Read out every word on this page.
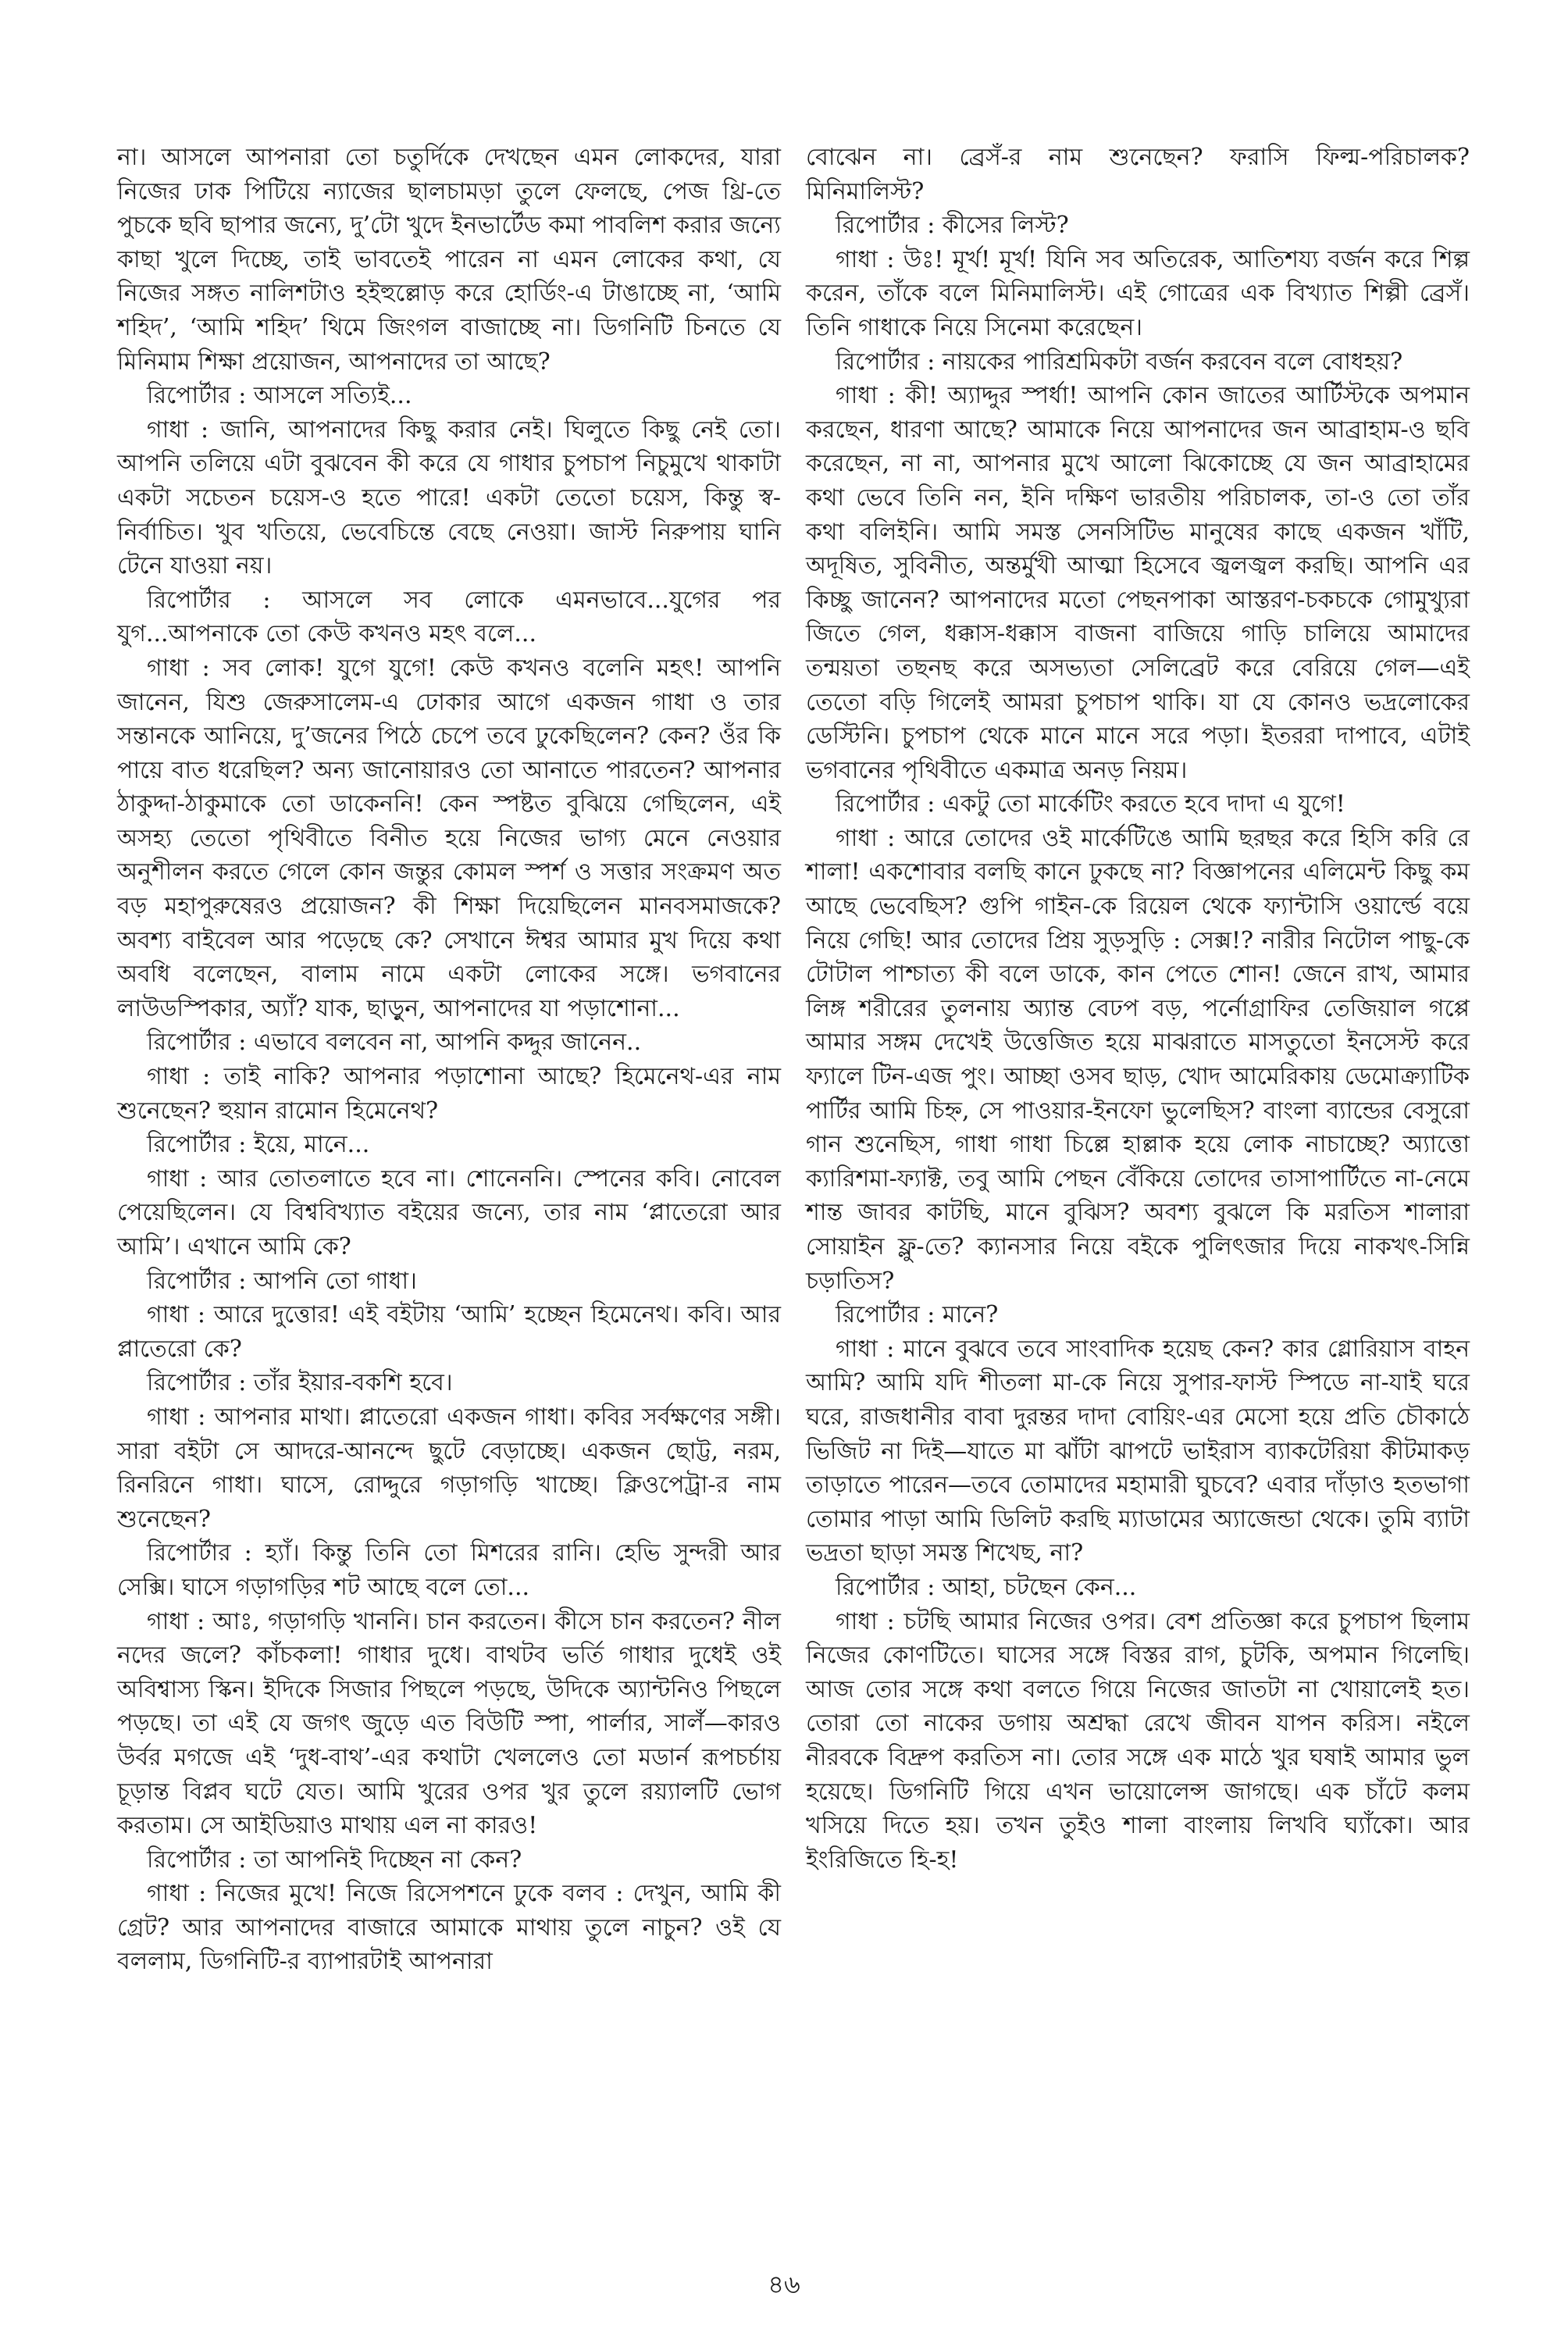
না। আসলে আপনারা তো চতুর্দিকে দেখছেন এমন লোকদের, যারা নিজের ঢাক পিটিয়ে ন্যাজের ছালচামড়া তুলে ফেলছে, পেজ থ্রি-তে পুচকে ছবি ছাপার জন্যে, দু’টো খুদে ইনভার্টেড কমা পাবলিশ করার জন্যে কাছা খুলে দিচ্ছে, তাই ভাবতেই পারেন না এমন লোকের কথা, যে নিজের সঙ্গত নালিশটাও হইহুল্লোড় করে হোর্ডিং-এ টাঙাচ্ছে না, ‘আমি শহিদ’, ‘আমি শহিদ’ থিমে জিংগল বাজাচ্ছে না। ডিগনিটি চিনতে যে মিনিমাম শিক্ষা প্রয়োজন, আপনাদের তা আছে?

রিপোর্টার : আসলে সত্যিই...

গাধা : জানি, আপনাদের কিছু করার নেই। ঘিলুতে কিছু নেই তো। আপনি তলিয়ে এটা বুঝবেন কী করে যে গাধার চুপচাপ নিচুমুখে থাকাটা একটা সচেতন চয়েস-ও হতে পারে! একটা তেতো চয়েস, কিন্তু স্ব-নির্বাচিত। খুব খতিয়ে, ভেবেচিন্তে বেছে নেওয়া। জাস্ট নিরুপায় ঘানি টেনে যাওয়া নয়।

রিপোর্টার : আসলে সব লোকে এমনভাবে...যুগের পর যুগ...আপনাকে তো কেউ কখনও মহৎ বলে...

গাধা : সব লোক! যুগে যুগে! কেউ কখনও বলেনি মহৎ! আপনি জানেন, যিশু জেরুসালেম-এ ঢোকার আগে একজন গাধা ও তার সন্তানকে আনিয়ে, দু’জনের পিঠে চেপে তবে ঢুকেছিলেন? কেন? ওঁর কি পায়ে বাত ধরেছিল? অন্য জানোয়ারও তো আনাতে পারতেন? আপনার ঠাকুদ্দা-ঠাকুমাকে তো ডাকেননি! কেন স্পষ্টত বুঝিয়ে গেছিলেন, এই অসহ্য তেতো পৃথিবীতে বিনীত হয়ে নিজের ভাগ্য মেনে নেওয়ার অনুশীলন করতে গেলে কোন জন্তুর কোমল স্পর্শ ও সত্তার সংক্রমণ অত বড় মহাপুরুষেরও প্রয়োজন? কী শিক্ষা দিয়েছিলেন মানবসমাজকে? অবশ্য বাইবেল আর পড়েছে কে? সেখানে ঈশ্বর আমার মুখ দিয়ে কথা অবধি বলেছেন, বালাম নামে একটা লোকের সঙ্গে। ভগবানের লাউডস্পিকার, অ্যাঁ? যাক, ছাড়ুন, আপনাদের যা পড়াশোনা...

রিপোর্টার : এভাবে বলবেন না, আপনি কদ্দুর জানেন..

গাধা : তাই নাকি? আপনার পড়াশোনা আছে? হিমেনেথ-এর নাম শুনেছেন? হুয়ান রামোন হিমেনেথ?

রিপোর্টার : ইয়ে, মানে...

গাধা : আর তোতলাতে হবে না। শোনেননি। স্পেনের কবি। নোবেল পেয়েছিলেন। যে বিশ্ববিখ্যাত বইয়ের জন্যে, তার নাম ‘প্লাতেরো আর আমি’। এখানে আমি কে?

রিপোর্টার : আপনি তো গাধা।

গাধা : আরে দুত্তোর! এই বইটায় ‘আমি’ হচ্ছেন হিমেনেথ। কবি। আর প্লাতেরো কে?

রিপোর্টার : তাঁর ইয়ার-বকশি হবে।

গাধা : আপনার মাথা। প্লাতেরো একজন গাধা। কবির সর্বক্ষণের সঙ্গী। সারা বইটা সে আদরে-আনন্দে ছুটে বেড়াচ্ছে। একজন ছোট্ট, নরম, রিনরিনে গাধা। ঘাসে, রোদ্দুরে গড়াগড়ি খাচ্ছে। ক্লিওপেট্রা-র নাম শুনেছেন?

রিপোর্টার : হ্যাঁ। কিন্তু তিনি তো মিশরের রানি। হেভি সুন্দরী আর সেক্সি। ঘাসে গড়াগড়ির শট আছে বলে তো...

গাধা : আঃ, গড়াগড়ি খাননি। চান করতেন। কীসে চান করতেন? নীল নদের জলে? কাঁচকলা! গাধার দুধে। বাথটব ভর্তি গাধার দুধেই ওই অবিশ্বাস্য স্কিন। ইদিকে সিজার পিছলে পড়ছে, উদিকে অ্যান্টনিও পিছলে পড়ছে। তা এই যে জগৎ জুড়ে এত বিউটি স্পা, পার্লার, সার্লঁ—কারও উর্বর মগজে এই ‘দুধ-বাথ’-এর কথাটা খেললেও তো মডার্ন রূপচর্চায় চূড়ান্ত বিপ্লব ঘটে যেত। আমি খুরের ওপর খুর তুলে রয়্যালটি ভোগ করতাম। সে আইডিয়াও মাথায় এল না কারও!

রিপোর্টার : তা আপনিই দিচ্ছেন না কেন?

গাধা : নিজের মুখে! নিজে রিসেপশনে ঢুকে বলব : দেখুন, আমি কী গ্রেট? আর আপনাদের বাজারে আমাকে মাথায় তুলে নাচুন? ওই যে বললাম, ডিগনিটি-র ব্যাপারটাই আপনারা

বোঝেন না। ব্রেসঁ-র নাম শুনেছেন? ফরাসি ফিল্ম-পরিচালক? মিনিমালিস্ট?

রিপোর্টার : কীসের লিস্ট?

গাধা : উঃ! মূর্খ! মূর্খ! যিনি সব অতিরেক, আতিশয্য বর্জন করে শিল্প করেন, তাঁকে বলে মিনিমালিস্ট। এই গোত্রের এক বিখ্যাত শিল্পী ব্রেসঁ। তিনি গাধাকে নিয়ে সিনেমা করেছেন।

রিপোর্টার : নায়কের পারিশ্রমিকটা বর্জন করবেন বলে বোধহয়?

গাধা : কী! অ্যাদ্দুর স্পর্ধা! আপনি কোন জাতের আর্টিস্টকে অপমান করছেন, ধারণা আছে? আমাকে নিয়ে আপনাদের জন আব্রাহাম-ও ছবি করেছেন, না না, আপনার মুখে আলো ঝিকোচ্ছে যে জন আব্রাহামের কথা ভেবে তিনি নন, ইনি দক্ষিণ ভারতীয় পরিচালক, তা-ও তো তাঁর কথা বলিইনি। আমি সমস্ত সেনসিটিভ মানুষের কাছে একজন খাঁটি, অদূষিত, সুবিনীত, অন্তর্মুখী আত্মা হিসেবে জ্বলজ্বল করছি। আপনি এর কিচ্ছু জানেন? আপনাদের মতো পেছনপাকা আস্তরণ-চকচকে গোমুখ্যুরা জিতে গেল, ধক্কাস-ধক্কাস বাজনা বাজিয়ে গাড়ি চালিয়ে আমাদের তন্ময়তা তছনছ করে অসভ্যতা সেলিব্রেট করে বেরিয়ে গেল—এই তেতো বড়ি গিলেই আমরা চুপচাপ থাকি। যা যে কোনও ভদ্রলোকের ডেস্টিনি। চুপচাপ থেকে মানে মানে সরে পড়া। ইতররা দাপাবে, এটাই ভগবানের পৃথিবীতে একমাত্র অনড় নিয়ম।

রিপোর্টার : একটু তো মার্কেটিং করতে হবে দাদা এ যুগে!

গাধা : আরে তোদের ওই মার্কেটিঙে আমি ছরছর করে হিসি করি রে শালা! একশোবার বলছি কানে ঢুকছে না? বিজ্ঞাপনের এলিমেন্ট কিছু কম আছে ভেবেছিস? গুপি গাইন-কে রিয়েল থেকে ফ্যান্টাসি ওয়ার্ল্ডে বয়ে নিয়ে গেছি! আর তোদের প্রিয় সুড়সুড়ি : সেক্স!? নারীর নিটোল পাছু-কে টোটাল পাশ্চাত্য কী বলে ডাকে, কান পেতে শোন! জেনে রাখ, আমার লিঙ্গ শরীরের তুলনায় অ্যান্ত বেঢপ বড়, পর্নোগ্রাফির তেজিয়াল গপ্পে আমার সঙ্গম দেখেই উত্তেজিত হয়ে মাঝরাতে মাসতুতো ইনসেস্ট করে ফ্যালে টিন-এজ পুং। আচ্ছা ওসব ছাড়, খোদ আমেরিকায় ডেমোক্র্যাটিক পার্টির আমি চিহ্ন, সে পাওয়ার-ইনফো ভুলেছিস? বাংলা ব্যান্ডের বেসুরো গান শুনেছিস, গাধা গাধা চিল্লে হাল্লাক হয়ে লোক নাচাচ্ছে? অ্যাত্তো ক্যারিশমা-ফ্যাক্ট, তবু আমি পেছন বেঁকিয়ে তোদের তাসাপার্টিতে না-নেমে শান্ত জাবর কাটছি, মানে বুঝিস? অবশ্য বুঝলে কি মরতিস শালারা সোয়াইন ফ্লু-তে? ক্যানসার নিয়ে বইকে পুলিৎজার দিয়ে নাকখৎ-সিন্নি চড়াতিস?

রিপোর্টার : মানে?

গাধা : মানে বুঝবে তবে সাংবাদিক হয়েছ কেন? কার গ্লোরিয়াস বাহন আমি? আমি যদি শীতলা মা-কে নিয়ে সুপার-ফাস্ট স্পিডে না-যাই ঘরে ঘরে, রাজধানীর বাবা দুরন্তর দাদা বোয়িং-এর মেসো হয়ে প্রতি চৌকাঠে ভিজিট না দিই—যাতে মা ঝাঁটা ঝাপটে ভাইরাস ব্যাকটেরিয়া কীটমাকড় তাড়াতে পারেন—তবে তোমাদের মহামারী ঘুচবে? এবার দাঁড়াও হতভাগা তোমার পাড়া আমি ডিলিট করছি ম্যাডামের অ্যাজেন্ডা থেকে। তুমি ব্যাটা ভদ্রতা ছাড়া সমস্ত শিখেছ, না?

রিপোর্টার : আহা, চটছেন কেন...

গাধা : চটছি আমার নিজের ওপর। বেশ প্রতিজ্ঞা করে চুপচাপ ছিলাম নিজের কোণটিতে। ঘাসের সঙ্গে বিস্তর রাগ, চুটকি, অপমান গিলেছি। আজ তোর সঙ্গে কথা বলতে গিয়ে নিজের জাতটা না খোয়ালেই হত। তোরা তো নাকের ডগায় অশ্রদ্ধা রেখে জীবন যাপন করিস। নইলে নীরবকে বিদ্রুপ করতিস না। তোর সঙ্গে এক মাঠে খুর ঘষাই আমার ভুল হয়েছে। ডিগনিটি গিয়ে এখন ভায়োলেন্স জাগছে। এক চাঁটে কলম খসিয়ে দিতে হয়। তখন তুইও শালা বাংলায় লিখবি ঘ্যাঁকো। আর ইংরিজিতে হি-হ!

৪৬
